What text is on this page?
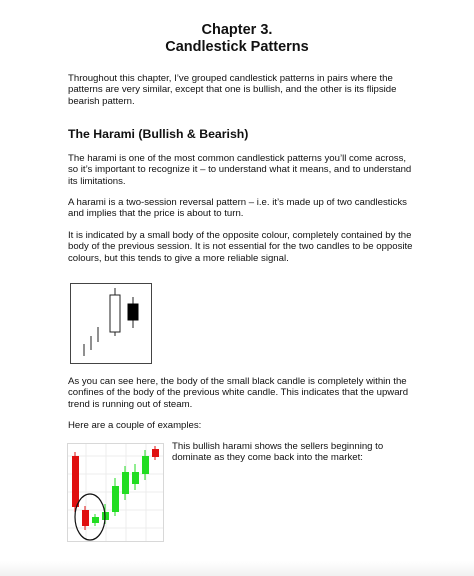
Chapter 3.
Candlestick Patterns

Throughout this chapter, I’ve grouped candlestick patterns in pairs where the patterns are very similar, except that one is bullish, and the other is its flipside bearish pattern.

The Harami (Bullish & Bearish)

The harami is one of the most common candlestick patterns you’ll come across, so it’s important to recognize it – to understand what it means, and to understand its limitations.

A harami is a two-session reversal pattern – i.e. it’s made up of two candlesticks and implies that the price is about to turn.

It is indicated by a small body of the opposite colour, completely contained by the body of the previous session. It is not essential for the two candles to be opposite colours, but this tends to give a more reliable signal.

As you can see here, the body of the small black candle is completely within the confines of the body of the previous white candle. This indicates that the upward trend is running out of steam.

Here are a couple of examples:

This bullish harami shows the sellers beginning to dominate as they come back into the market:
